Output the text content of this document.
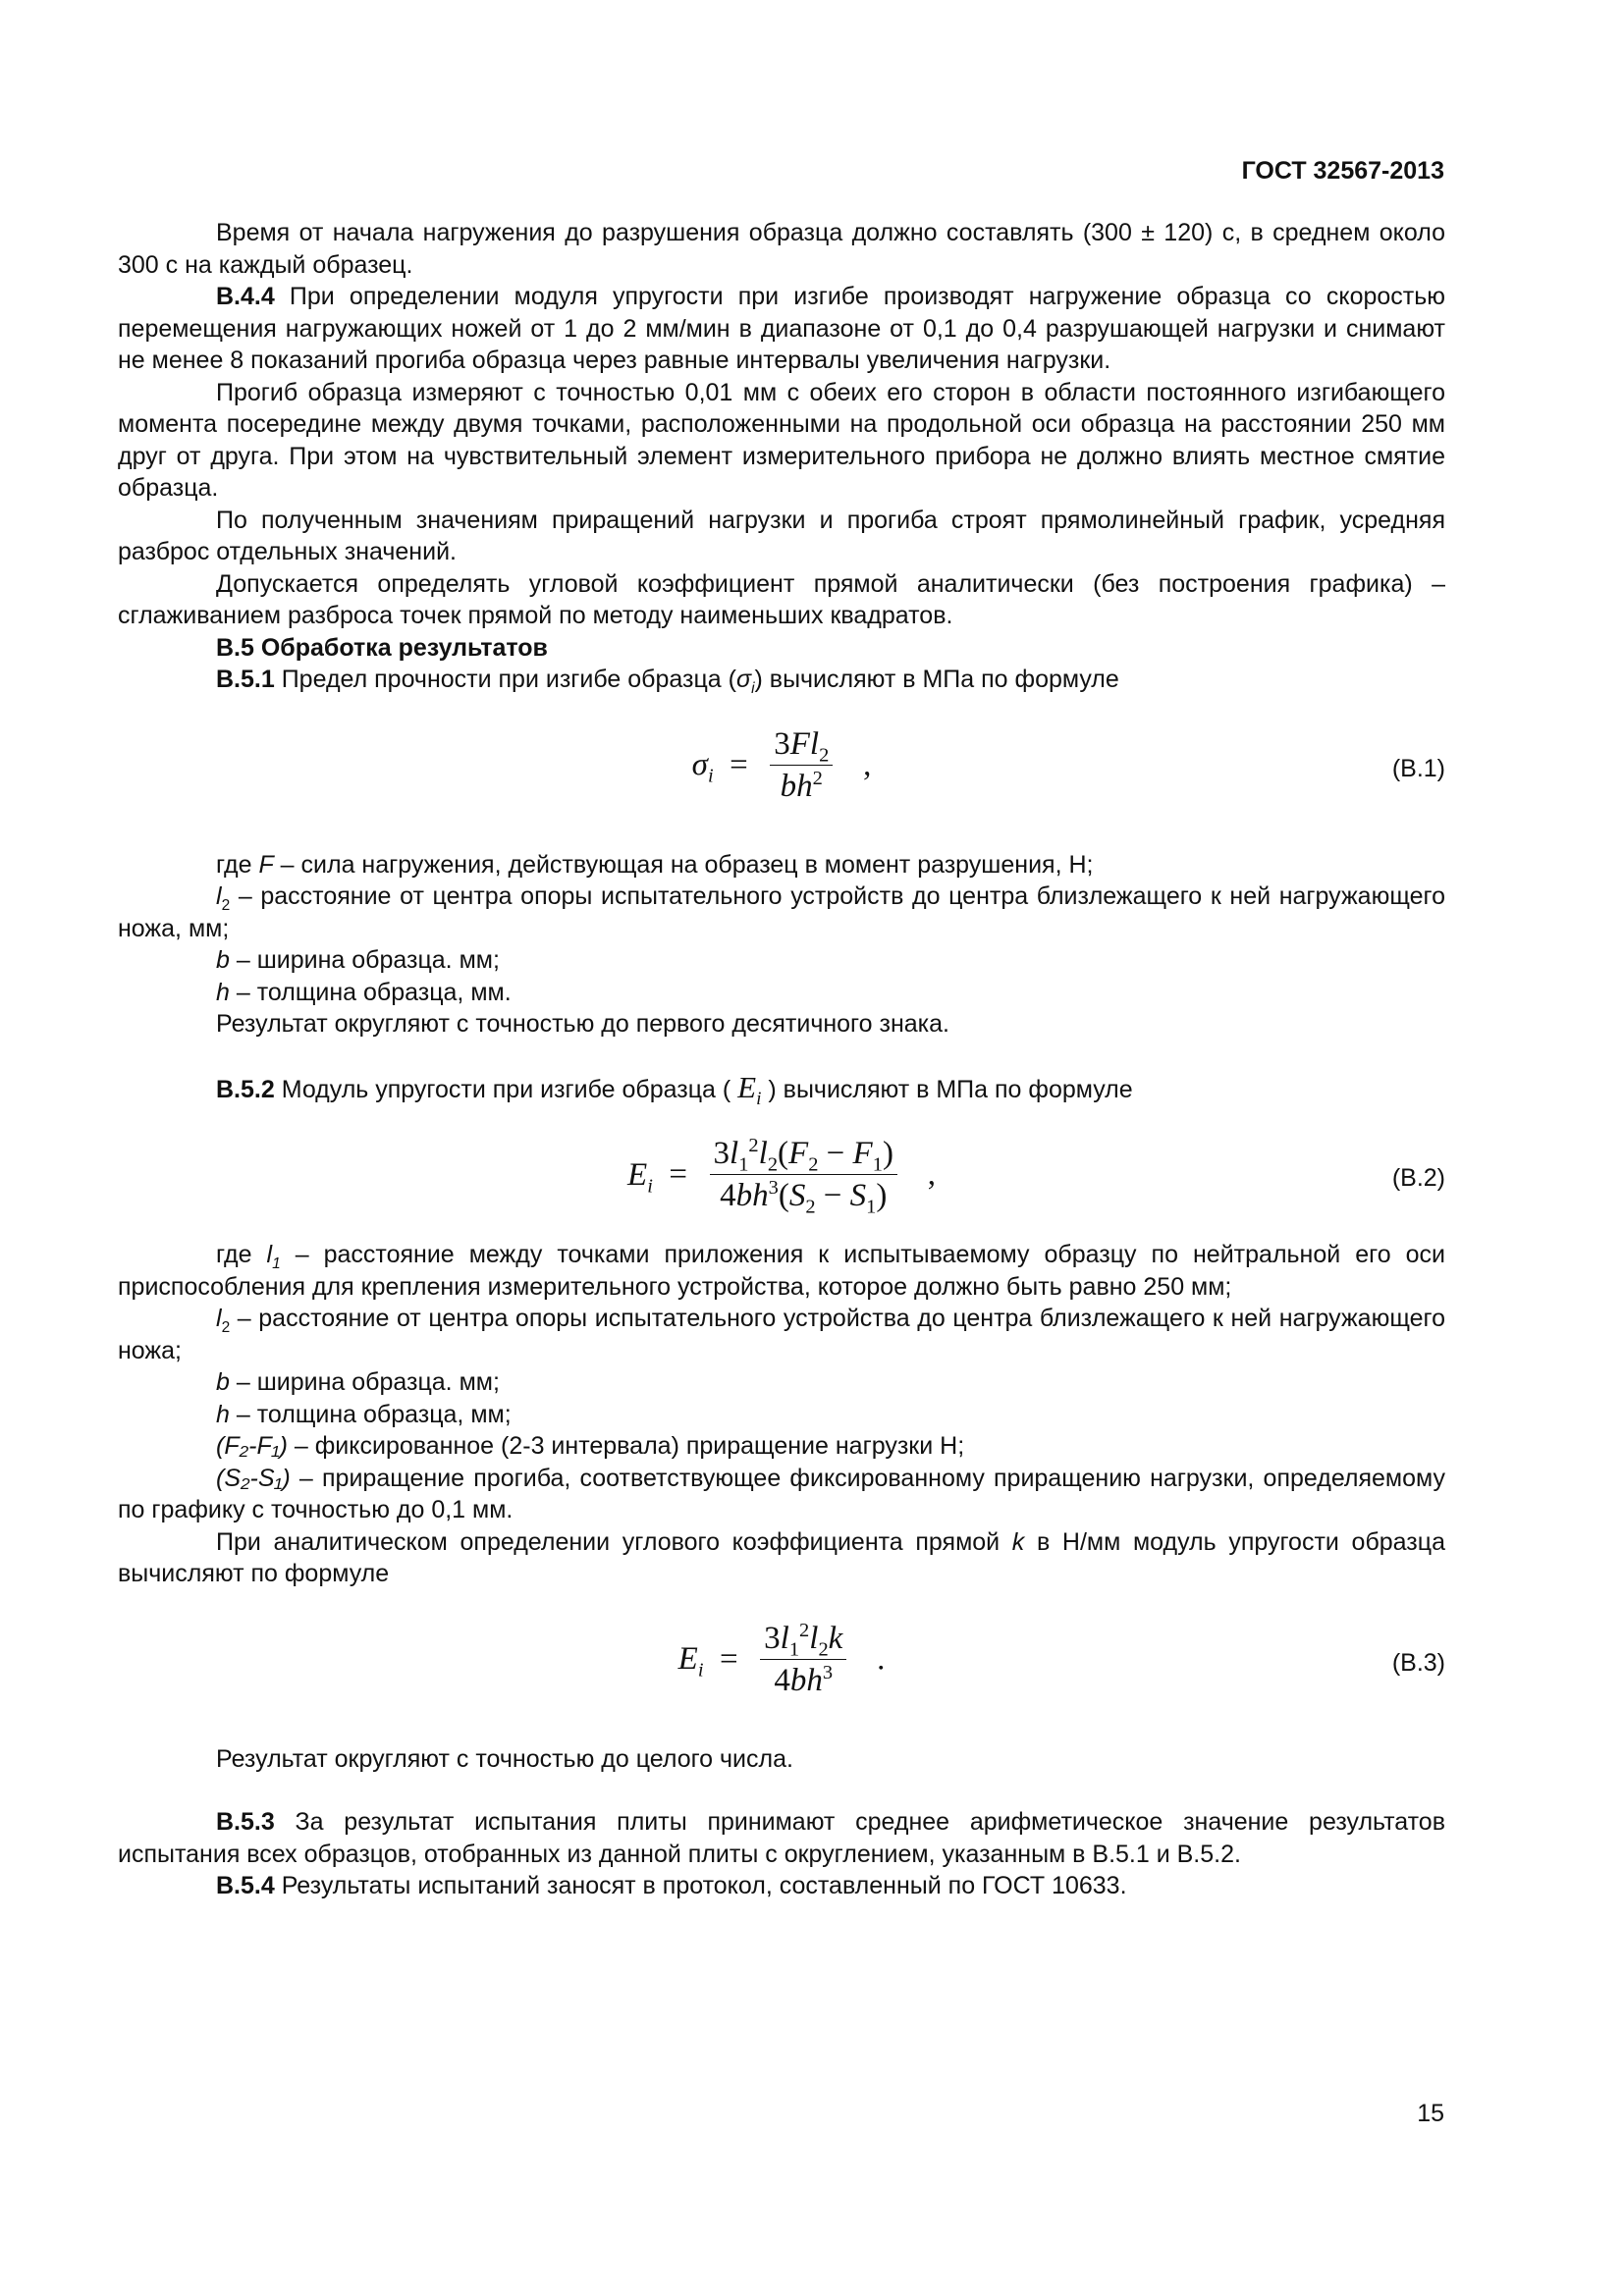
ГОСТ 32567-2013

Время от начала нагружения до разрушения образца должно составлять (300 ± 120) с, в среднем около 300 с на каждый образец.

В.4.4 При определении модуля упругости при изгибе производят нагружение образца со скоростью перемещения нагружающих ножей от 1 до 2 мм/мин в диапазоне от 0,1 до 0,4 разрушающей нагрузки и снимают не менее 8 показаний прогиба образца через равные интервалы увеличения нагрузки.

Прогиб образца измеряют с точностью 0,01 мм с обеих его сторон в области постоянного изгибающего момента посередине между двумя точками, расположенными на продольной оси образца на расстоянии 250 мм друг от друга. При этом на чувствительный элемент измерительного прибора не должно влиять местное смятие образца.

По полученным значениям приращений нагрузки и прогиба строят прямолинейный график, усредняя разброс отдельных значений.

Допускается определять угловой коэффициент прямой аналитически (без построения графика) – сглаживанием разброса точек прямой по методу наименьших квадратов.

В.5 Обработка результатов

В.5.1 Предел прочности при изгибе образца $(\sigma_i)$ вычисляют в МПа по формуле

$\sigma_i = \frac{3Fl_2}{bh^2}$ ,	(В.1)

где F – сила нагружения, действующая на образец в момент разрушения, Н;

$l_2$ – расстояние от центра опоры испытательного устройств до центра близлежащего к ней нагружающего ножа, мм;

b – ширина образца. мм;

h – толщина образца, мм.

Результат округляют с точностью до первого десятичного знака.

В.5.2 Модуль упругости при изгибе образца ( $E_i$ ) вычисляют в МПа по формуле

$E_i = \frac{3l_1^2l_2(F_2 - F_1)}{4bh^3(S_2 - S_1)}$ ,	(В.2)

где $l_1$ – расстояние между точками приложения к испытываемому образцу по нейтральной его оси приспособления для крепления измерительного устройства, которое должно быть равно 250 мм;

$l_2$ – расстояние от центра опоры испытательного устройства до центра близлежащего к ней нагружающего ножа;

b – ширина образца. мм;

h – толщина образца, мм;

(F₂-F₁) – фиксированное (2-3 интервала) приращение нагрузки Н;

(S₂-S₁) – приращение прогиба, соответствующее фиксированному приращению нагрузки, определяемому по графику с точностью до 0,1 мм.

При аналитическом определении углового коэффициента прямой k в Н/мм модуль упругости образца вычисляют по формуле

$E_i = \frac{3l_1^2l_2k}{4bh^3}$ .	(В.3)

Результат округляют с точностью до целого числа.

В.5.3 За результат испытания плиты принимают среднее арифметическое значение результатов испытания всех образцов, отобранных из данной плиты с округлением, указанным в В.5.1 и В.5.2.

В.5.4 Результаты испытаний заносят в протокол, составленный по ГОСТ 10633.

15
